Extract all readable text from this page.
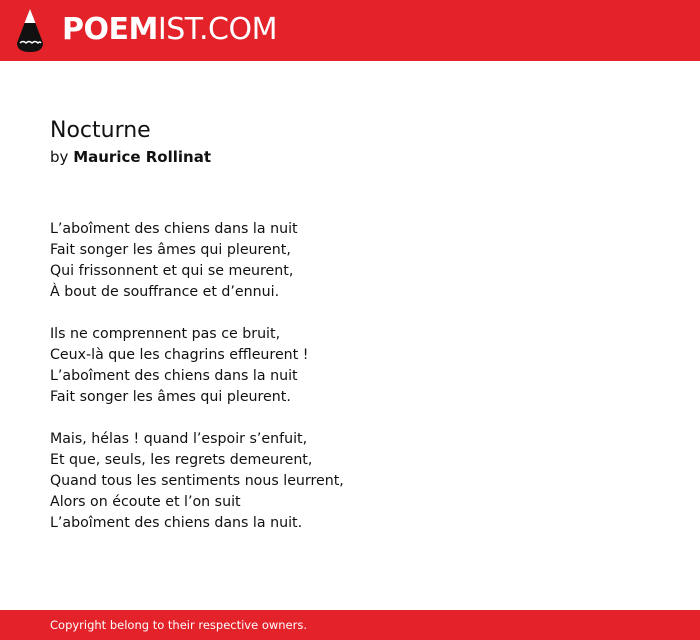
POEMIST.COM
Nocturne
by Maurice Rollinat
L’aboîment des chiens dans la nuit
Fait songer les âmes qui pleurent,
Qui frissonnent et qui se meurent,
À bout de souffrance et d’ennui.
Ils ne comprennent pas ce bruit,
Ceux-là que les chagrins effleurent !
L’aboîment des chiens dans la nuit
Fait songer les âmes qui pleurent.
Mais, hélas ! quand l’espoir s’enfuit,
Et que, seuls, les regrets demeurent,
Quand tous les sentiments nous leurrent,
Alors on écoute et l’on suit
L’aboîment des chiens dans la nuit.
Copyright belong to their respective owners.
